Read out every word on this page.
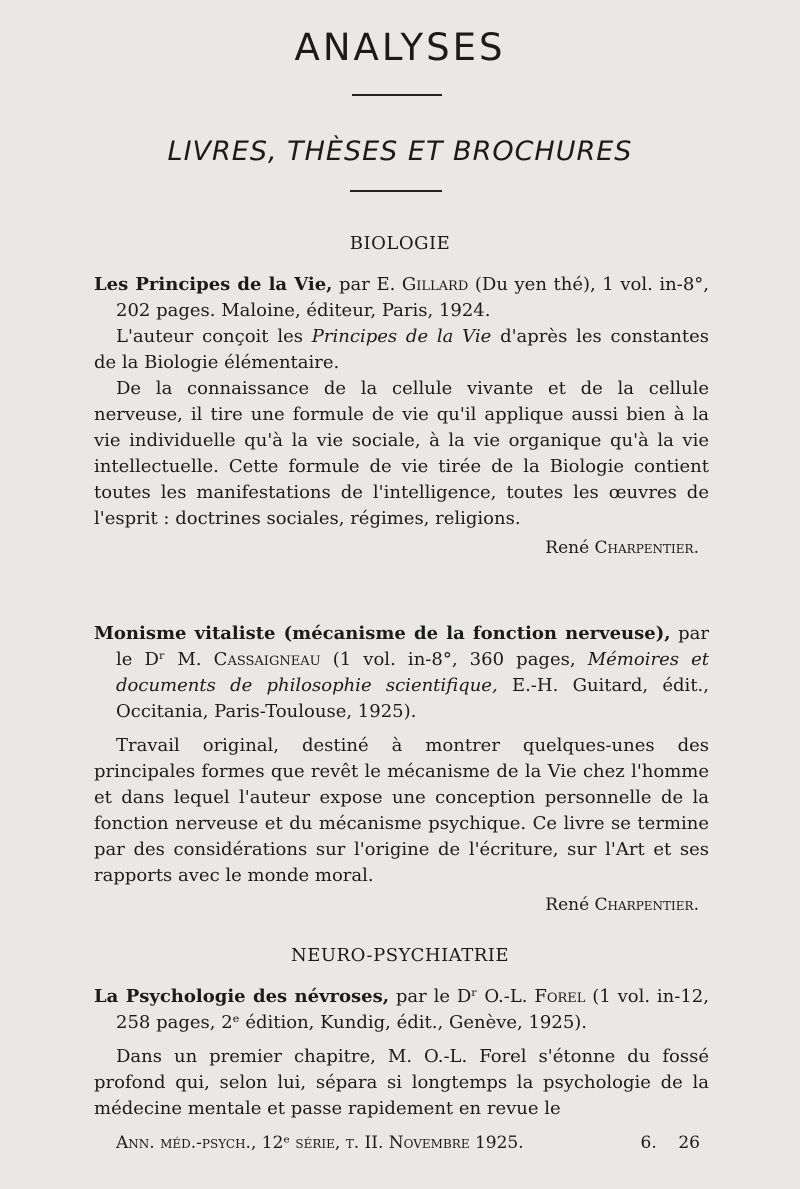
ANALYSES
LIVRES, THÈSES ET BROCHURES
BIOLOGIE
Les Principes de la Vie, par E. Gillard (Du yen thé), 1 vol. in-8°, 202 pages. Maloine, éditeur, Paris, 1924.
L'auteur conçoit les Principes de la Vie d'après les constantes de la Biologie élémentaire.
De la connaissance de la cellule vivante et de la cellule nerveuse, il tire une formule de vie qu'il applique aussi bien à la vie individuelle qu'à la vie sociale, à la vie organique qu'à la vie intellectuelle. Cette formule de vie tirée de la Biologie contient toutes les manifestations de l'intelligence, toutes les œuvres de l'esprit : doctrines sociales, régimes, religions.
René Charpentier.
Monisme vitaliste (mécanisme de la fonction nerveuse), par le Dʳ M. Cassaigneau (1 vol. in-8°, 360 pages, Mémoires et documents de philosophie scientifique, E.-H. Guitard, édit., Occitania, Paris-Toulouse, 1925).
Travail original, destiné à montrer quelques-unes des principales formes que revêt le mécanisme de la Vie chez l'homme et dans lequel l'auteur expose une conception personnelle de la fonction nerveuse et du mécanisme psychique. Ce livre se termine par des considérations sur l'origine de l'écriture, sur l'Art et ses rapports avec le monde moral.
René Charpentier.
NEURO-PSYCHIATRIE
La Psychologie des névroses, par le Dʳ O.-L. Forel (1 vol. in-12, 258 pages, 2ᵉ édition, Kundig, édit., Genève, 1925).
Dans un premier chapitre, M. O.-L. Forel s'étonne du fossé profond qui, selon lui, sépara si longtemps la psychologie de la médecine mentale et passe rapidement en revue le
Ann. méd.-psych., 12ᵉ série, t. II. Novembre 1925.	6.    26
